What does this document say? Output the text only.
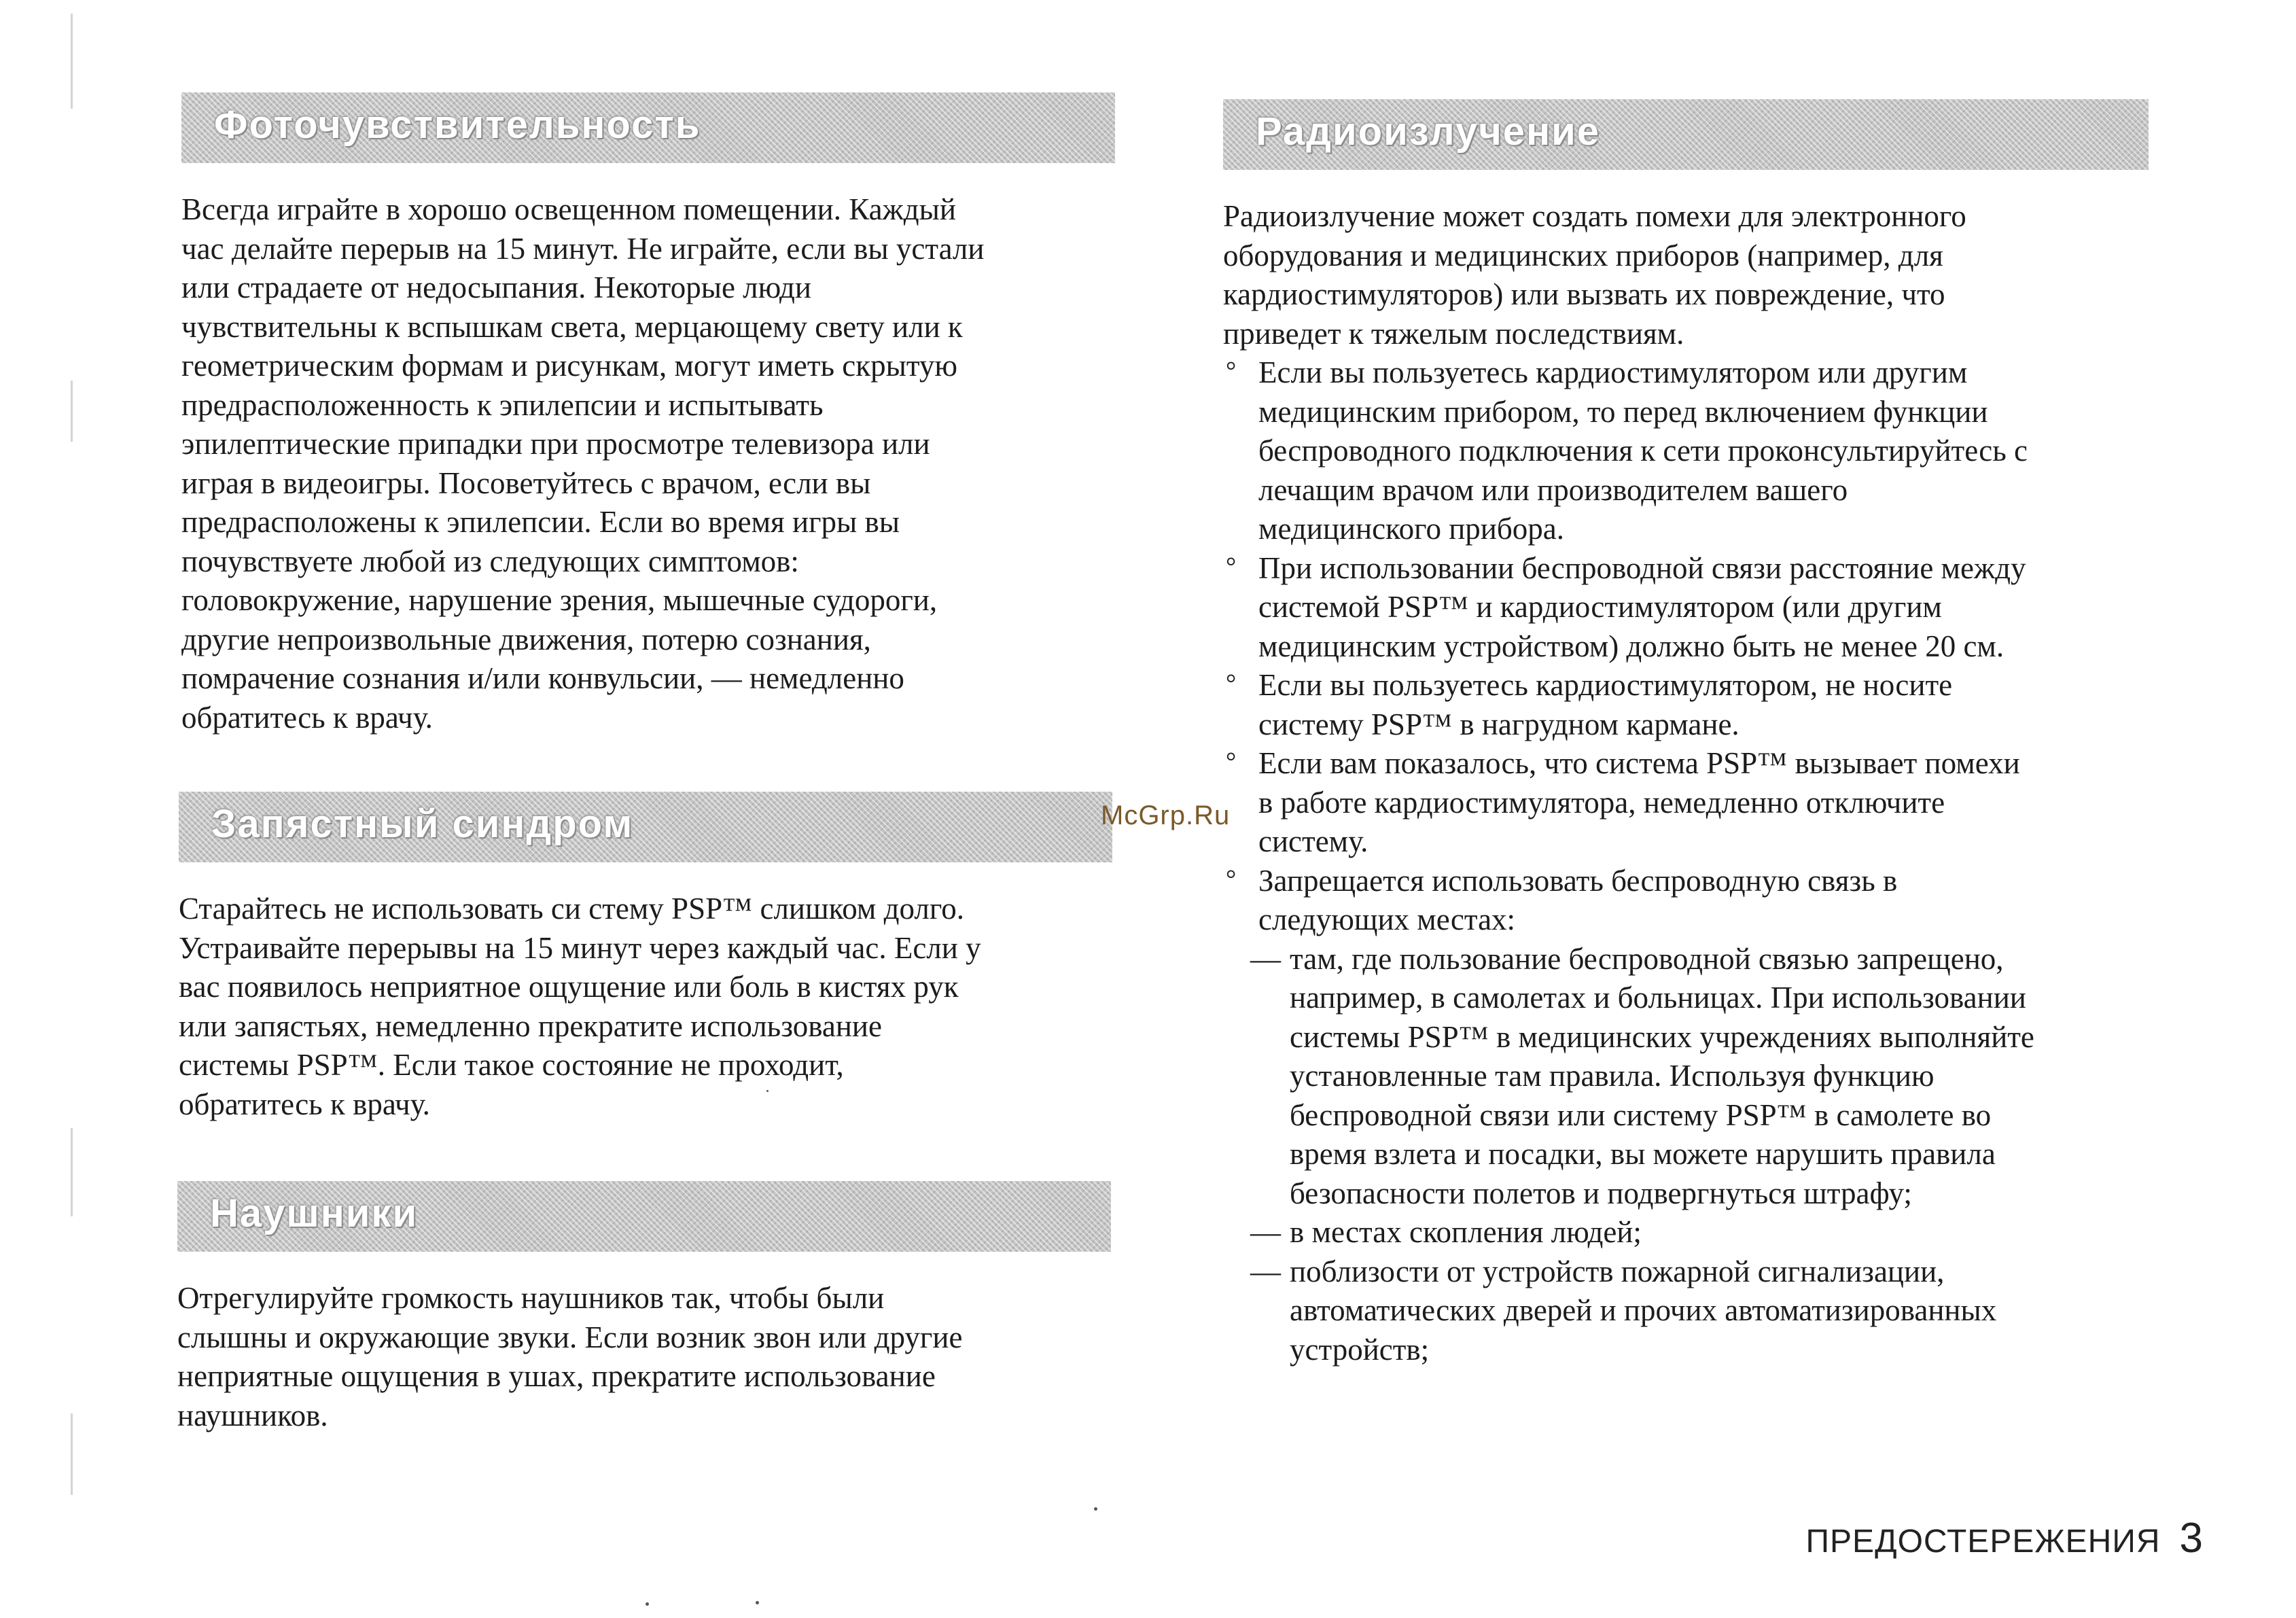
Фоточувствительность

Всегда играйте в хорошо освещенном помещении. Каждый
час делайте перерыв на 15 минут. Не играйте, если вы устали
или страдаете от недосыпания. Некоторые люди
чувствительны к вспышкам света, мерцающему свету или к
геометрическим формам и рисункам, могут иметь скрытую
предрасположенность к эпилепсии и испытывать
эпилептические припадки при просмотре телевизора или
играя в видеоигры. Посоветуйтесь с врачом, если вы
предрасположены к эпилепсии. Если во время игры вы
почувствуете любой из следующих симптомов:
головокружение, нарушение зрения, мышечные судороги,
другие непроизвольные движения, потерю сознания,
помрачение сознания и/или конвульсии, — немедленно
обратитесь к врачу.

Запястный синдром

Старайтесь не использовать си стему PSP™ слишком долго.
Устраивайте перерывы на 15 минут через каждый час. Если у
вас появилось неприятное ощущение или боль в кистях рук
или запястьях, немедленно прекратите использование
системы PSP™. Если такое состояние не проходит,
обратитесь к врачу.

Наушники

Отрегулируйте громкость наушников так, чтобы были
слышны и окружающие звуки. Если возник звон или другие
неприятные ощущения в ушах, прекратите использование
наушников.

Радиоизлучение

Радиоизлучение может создать помехи для электронного
оборудования и медицинских приборов (например, для
кардиостимуляторов) или вызвать их повреждение, что
приведет к тяжелым последствиям.

° Если вы пользуетесь кардиостимулятором или другим
медицинским прибором, то перед включением функции
беспроводного подключения к сети проконсультируйтесь с
лечащим врачом или производителем вашего
медицинского прибора.
° При использовании беспроводной связи расстояние между
системой PSP™ и кардиостимулятором (или другим
медицинским устройством) должно быть не менее 20 см.
° Если вы пользуетесь кардиостимулятором, не носите
систему PSP™ в нагрудном кармане.
° Если вам показалось, что система PSP™ вызывает помехи
в работе кардиостимулятора, немедленно отключите
систему.
° Запрещается использовать беспроводную связь в
следующих местах:
— там, где пользование беспроводной связью запрещено,
например, в самолетах и больницах. При использовании
системы PSP™ в медицинских учреждениях выполняйте
установленные там правила. Используя функцию
беспроводной связи или систему PSP™ в самолете во
время взлета и посадки, вы можете нарушить правила
безопасности полетов и подвергнуться штрафу;
— в местах скопления людей;
— поблизости от устройств пожарной сигнализации,
автоматических дверей и прочих автоматизированных
устройств;
McGrp.Ru
ПРЕДОСТЕРЕЖЕНИЯ 3
